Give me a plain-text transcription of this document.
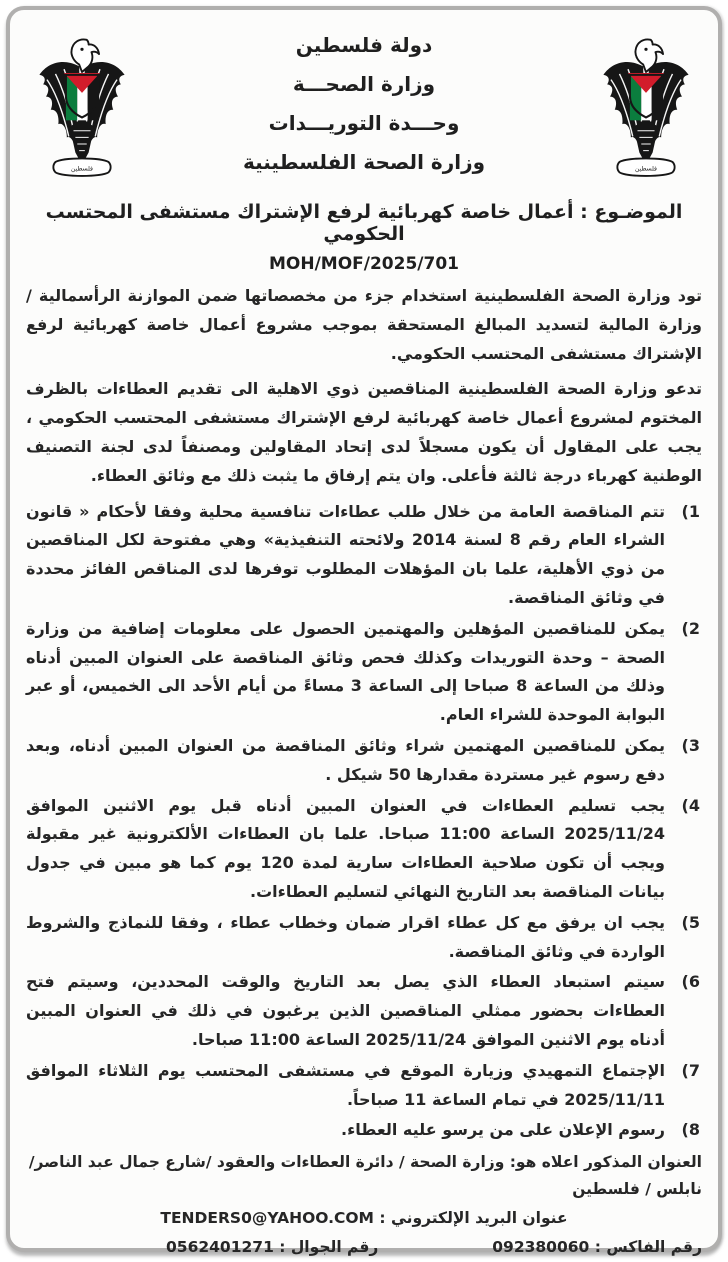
فلسطين	فلسطين
دولة فلسطين
وزارة الصحـــة
وحـــدة التوريـــدات
وزارة الصحة الفلسطينية
الموضـوع : أعمال خاصة كهربائية لرفع الإشتراك مستشفى المحتسب الحكومي
MOH/MOF/2025/701

تود وزارة الصحة الفلسطينية استخدام جزء من مخصصاتها ضمن الموازنة الرأسمالية / وزارة المالية لتسديد المبالغ المستحقة بموجب مشروع أعمال خاصة كهربائية لرفع الإشتراك مستشفى المحتسب الحكومي.

تدعو وزارة الصحة الفلسطينية المناقصين ذوي الاهلية الى تقديم العطاءات بالظرف المختوم لمشروع أعمال خاصة كهربائية لرفع الإشتراك مستشفى المحتسب الحكومي ، يجب على المقاول أن يكون مسجلاً لدى إتحاد المقاولين ومصنفاً لدى لجنة التصنيف الوطنية كهرباء درجة ثالثة فأعلى. وان يتم إرفاق ما يثبت ذلك مع وثائق العطاء.

1)
تتم المناقصة العامة من خلال طلب عطاءات تنافسية محلية وفقا لأحكام « قانون الشراء العام رقم 8 لسنة 2014 ولائحته التنفيذية» وهي مفتوحة لكل المناقصين من ذوي الأهلية، علما بان المؤهلات المطلوب توفرها لدى المناقص الفائز محددة في وثائق المناقصة.
2)
يمكن للمناقصين المؤهلين والمهتمين الحصول على معلومات إضافية من وزارة الصحة – وحدة التوريدات وكذلك فحص وثائق المناقصة على العنوان المبين أدناه وذلك من الساعة 8 صباحا إلى الساعة 3 مساءً من أيام الأحد الى الخميس، أو عبر البوابة الموحدة للشراء العام.
3)
يمكن للمناقصين المهتمين شراء وثائق المناقصة من العنوان المبين أدناه، وبعد دفع رسوم غير مستردة مقدارها 50 شيكل .
4)
يجب تسليم العطاءات في العنوان المبين أدناه قبل يوم الاثنين الموافق 2025/11/24 الساعة 11:00 صباحا. علما بان العطاءات الألكترونية غير مقبولة ويجب أن تكون صلاحية العطاءات سارية لمدة 120 يوم كما هو مبين في جدول بيانات المناقصة بعد التاريخ النهائي لتسليم العطاءات.
5)
يجب ان يرفق مع كل عطاء اقرار ضمان وخطاب عطاء ، وفقا للنماذج والشروط الواردة في وثائق المناقصة.
6)
سيتم استبعاد العطاء الذي يصل بعد التاريخ والوقت المحددين، وسيتم فتح العطاءات بحضور ممثلي المناقصين الذين يرغبون في ذلك في العنوان المبين أدناه يوم الاثنين الموافق 2025/11/24 الساعة 11:00 صباحا.
7)
الإجتماع التمهيدي وزيارة الموقع في مستشفى المحتسب يوم الثلاثاء الموافق 2025/11/11 في تمام الساعة 11 صباحاً.
8)
رسوم الإعلان على من يرسو عليه العطاء.
العنوان المذكور اعلاه هو: وزارة الصحة / دائرة العطاءات والعقود /شارع جمال عبد الناصر/نابلس / فلسطين
عنوان البريد الإلكتروني : TENDERS0@YAHOO.COM
رقم الفاكس : 092380060
رقم الجوال : 0562401271
